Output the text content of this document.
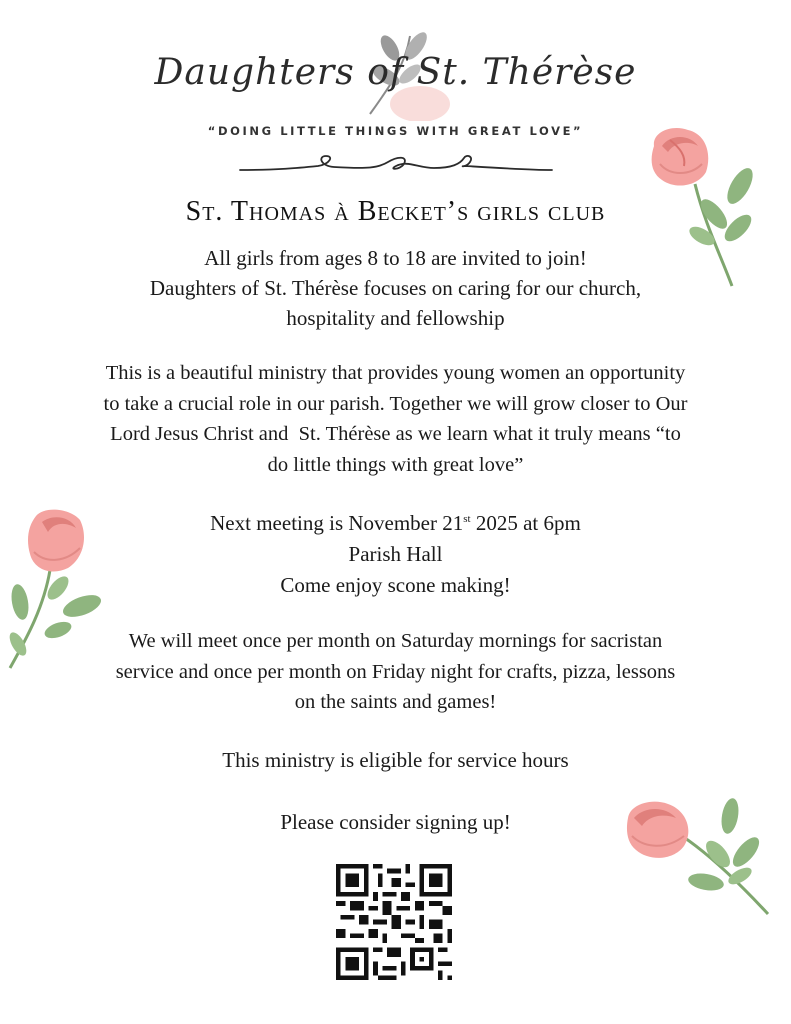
Daughters of St. Thérèse
“DOING LITTLE THINGS WITH GREAT LOVE”
St. Thomas à Becket’s girls club
All girls from ages 8 to 18 are invited to join!
Daughters of St. Thérèse focuses on caring for our church,
hospitality and fellowship
This is a beautiful ministry that provides young women an opportunity
to take a crucial role in our parish. Together we will grow closer to Our
Lord Jesus Christ and  St. Thérèse as we learn what it truly means “to
do little things with great love”
Next meeting is November 21st 2025 at 6pm
Parish Hall
Come enjoy scone making!
We will meet once per month on Saturday mornings for sacristan
service and once per month on Friday night for crafts, pizza, lessons
on the saints and games!
This ministry is eligible for service hours
Please consider signing up!
